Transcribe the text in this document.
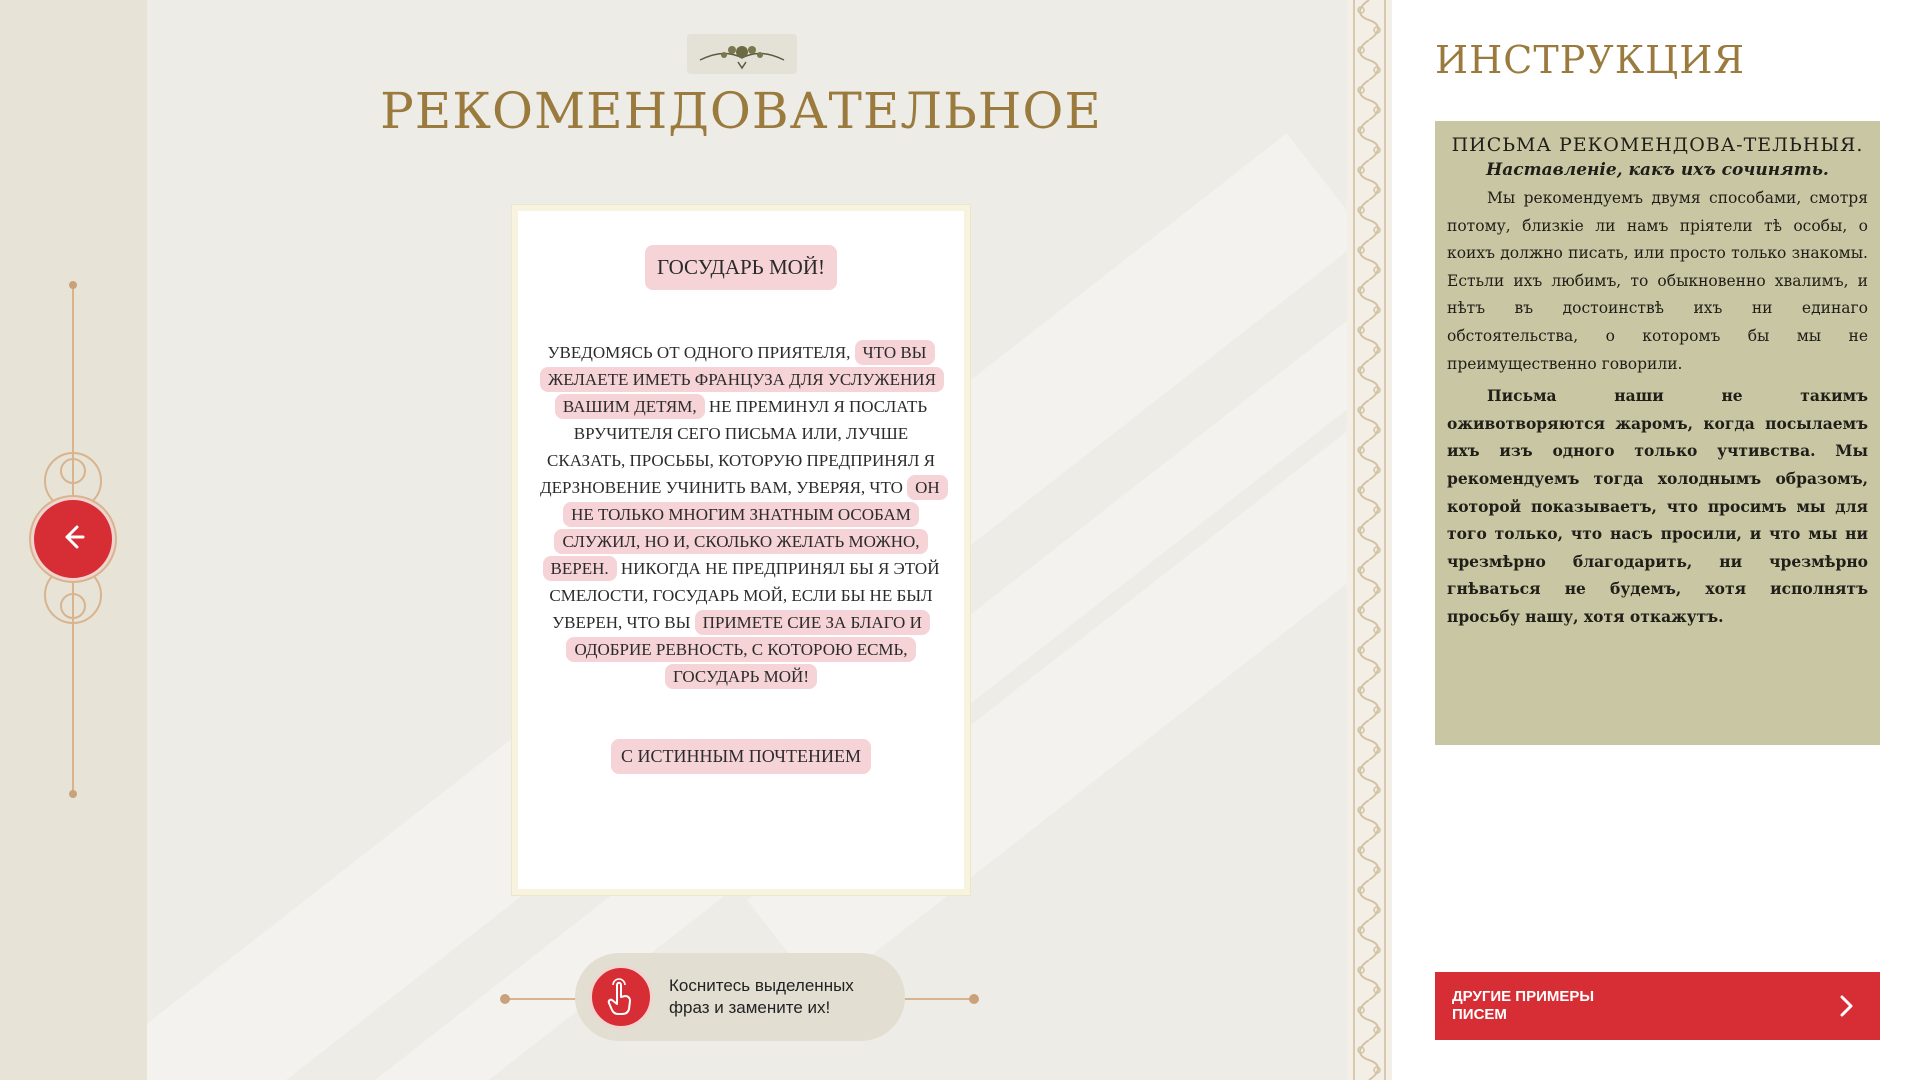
РЕКОМЕНДОВАТЕЛЬНОЕ
ГОСУДАРЬ МОЙ!
УВЕДОМЯСЬ ОТ ОДНОГО ПРИЯТЕЛЯ, ЧТО ВЫ ЖЕЛАЕТЕ ИМЕТЬ ФРАНЦУЗА ДЛЯ УСЛУЖЕНИЯ ВАШИМ ДЕТЯМ, НЕ ПРЕМИНУЛ Я ПОСЛАТЬ ВРУЧИТЕЛЯ СЕГО ПИСЬМА ИЛИ, ЛУЧШЕ СКАЗАТЬ, ПРОСЬБЫ, КОТОРУЮ ПРЕДПРИНЯЛ Я ДЕРЗНОВЕНИЕ УЧИНИТЬ ВАМ, УВЕРЯЯ, ЧТО ОН НЕ ТОЛЬКО МНОГИМ ЗНАТНЫМ ОСОБАМ СЛУЖИЛ, НО И, СКОЛЬКО ЖЕЛАТЬ МОЖНО, ВЕРЕН. НИКОГДА НЕ ПРЕДПРИНЯЛ БЫ Я ЭТОЙ СМЕЛОСТИ, ГОСУДАРЬ МОЙ, ЕСЛИ БЫ НЕ БЫЛ УВЕРЕН, ЧТО ВЫ ПРИМЕТЕ СИЕ ЗА БЛАГО И ОДОБРИЕ РЕВНОСТЬ, С КОТОРОЮ ЕСМЬ, ГОСУДАРЬ МОЙ!
С ИСТИННЫМ ПОЧТЕНИЕМ
Коснитесь выделенных фраз и замените их!
ИНСТРУКЦИЯ
ПИСЬМА РЕКОМЕНДОВА-ТЕЛЬНЫЯ.
Наставленіе, какъ ихъ сочинять.

Мы рекомендуемъ двумя способами, смотря потому, близкіе ли намъ пріятели тѣ особы, о коихъ должно писать, или просто только знакомы. Естьли ихъ любимъ, то обыкновенно хвалимъ, и нѣтъ въ достоинствѣ ихъ ни единаго обстоятельства, о которомъ бы мы не преимущественно говорили.

Письма наши не такимъ оживотворяются жаромъ, когда посылаемъ ихъ изъ одного только учтивства. Мы рекомендуемъ тогда холоднымъ образомъ, которой показываетъ, что просимъ мы для того только, что насъ просили, и что мы ни чрезмѣрно благодарить, ни чрезмѣрно гнѣваться не будемъ, хотя исполнятъ просьбу нашу, хотя откажутъ.

ДРУГИЕ ПРИМЕРЫ ПИСЕМ
